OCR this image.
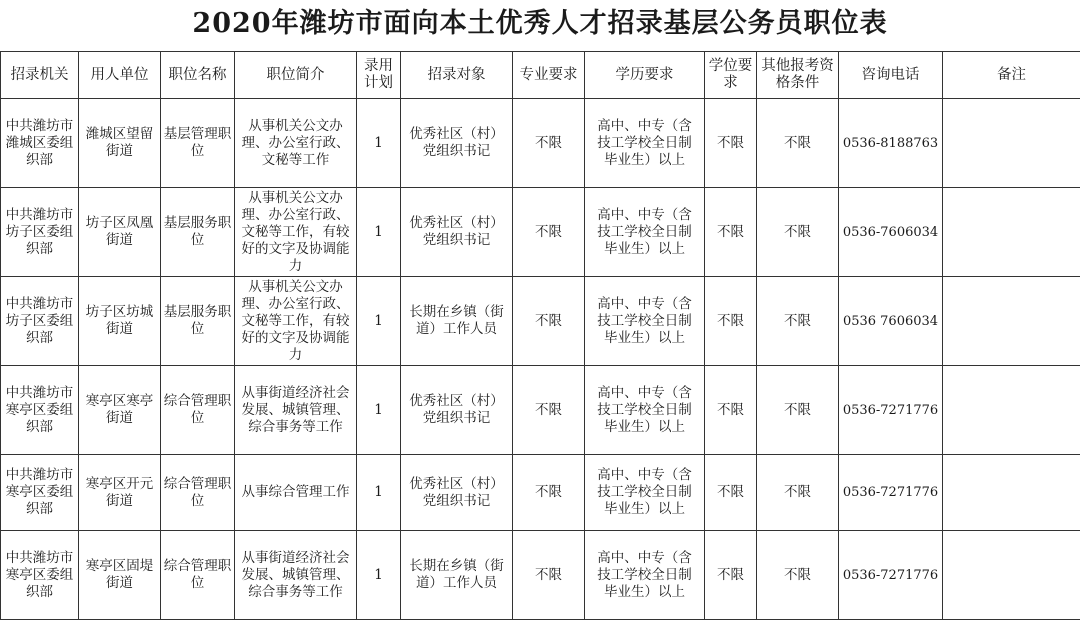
2020年潍坊市面向本土优秀人才招录基层公务员职位表
招录机关	用人单位	职位名称	职位简介	录用计划	招录对象	专业要求	学历要求	学位要求	其他报考资格条件	咨询电话	备注
中共潍坊市潍城区委组织部	潍城区望留街道	基层管理职位	从事机关公文办理、办公室行政、文秘等工作	1	优秀社区（村）党组织书记	不限	高中、中专（含技工学校全日制毕业生）以上	不限	不限	0536-8188763	
中共潍坊市坊子区委组织部	坊子区凤凰街道	基层服务职位	从事机关公文办理、办公室行政、文秘等工作，有较好的文字及协调能力	1	优秀社区（村）党组织书记	不限	高中、中专（含技工学校全日制毕业生）以上	不限	不限	0536-7606034	
中共潍坊市坊子区委组织部	坊子区坊城街道	基层服务职位	从事机关公文办理、办公室行政、文秘等工作，有较好的文字及协调能力	1	长期在乡镇（街道）工作人员	不限	高中、中专（含技工学校全日制毕业生）以上	不限	不限	0536 7606034	
中共潍坊市寒亭区委组织部	寒亭区寒亭街道	综合管理职位	从事街道经济社会发展、城镇管理、综合事务等工作	1	优秀社区（村）党组织书记	不限	高中、中专（含技工学校全日制毕业生）以上	不限	不限	0536-7271776	
中共潍坊市寒亭区委组织部	寒亭区开元街道	综合管理职位	从事综合管理工作	1	优秀社区（村）党组织书记	不限	高中、中专（含技工学校全日制毕业生）以上	不限	不限	0536-7271776	
中共潍坊市寒亭区委组织部	寒亭区固堤街道	综合管理职位	从事街道经济社会发展、城镇管理、综合事务等工作	1	长期在乡镇（街道）工作人员	不限	高中、中专（含技工学校全日制毕业生）以上	不限	不限	0536-7271776	
